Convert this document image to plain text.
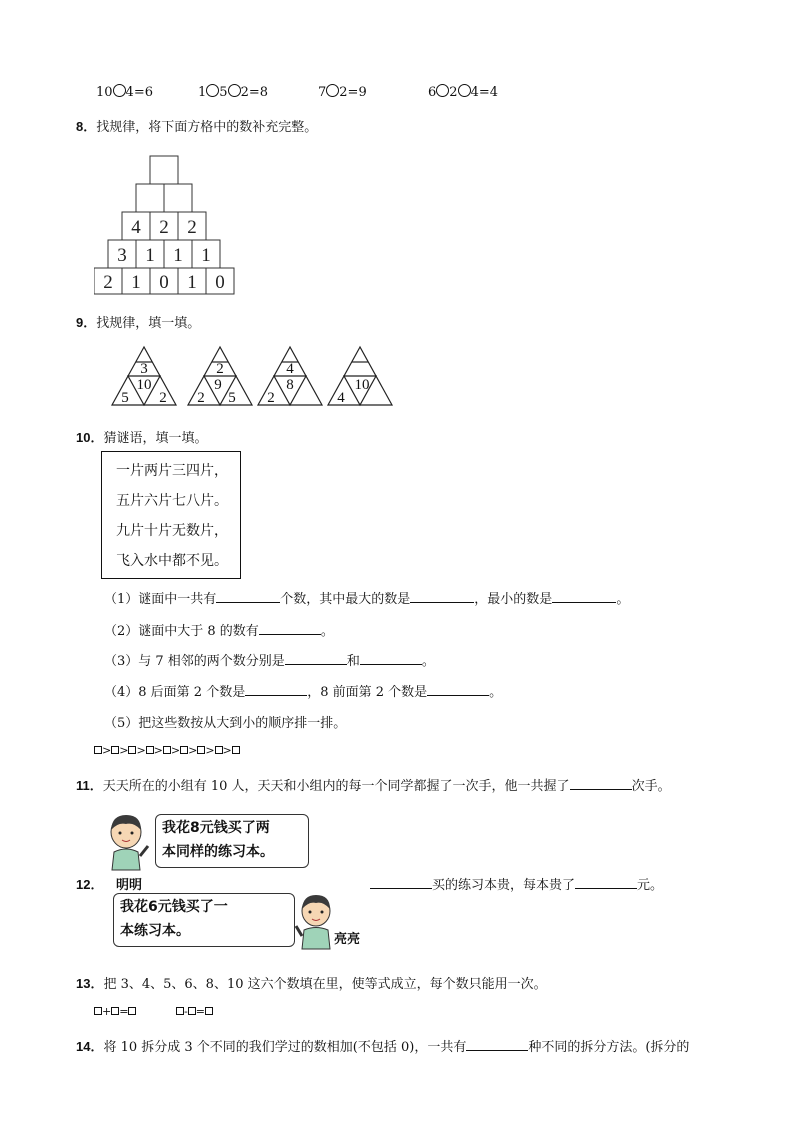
10 4=6	1 5 2=8	7 2=9	6 2 4=4
8．找规律，将下面方格中的数补充完整。
4 2 2
3 1 1 1
2 1 0 1 0
9．找规律，填一填。
3
10
5 2
2
9
2 5
4
8
2
10
4
10．猜谜语，填一填。
一片两片三四片，
五片六片七八片。
九片十片无数片，
飞入水中都不见。
（1）谜面中一共有	个数，其中最大的数是	，最小的数是	。
（2）谜面中大于 8 的数有	。
（3）与 7 相邻的两个数分别是	和	。
（4）8 后面第 2 个数是	，8 前面第 2 个数是	。
（5）把这些数按从大到小的顺序排一排。
> > > > > > > >
11．天天所在的小组有 10 人，天天和小组内的每一个同学都握了一次手，他一共握了	次手。
我花8元钱买了两
本同样的练习本。
12． 明明	买的练习本贵，每本贵了	元。
我花6元钱买了一
本练习本。
亮亮
13．把 3、4、5、6、8、10 这六个数填在里，使等式成立，每个数只能用一次。
+ =	- =
14．将 10 拆分成 3 个不同的我们学过的数相加(不包括 0)，一共有	种不同的拆分方法。(拆分的
